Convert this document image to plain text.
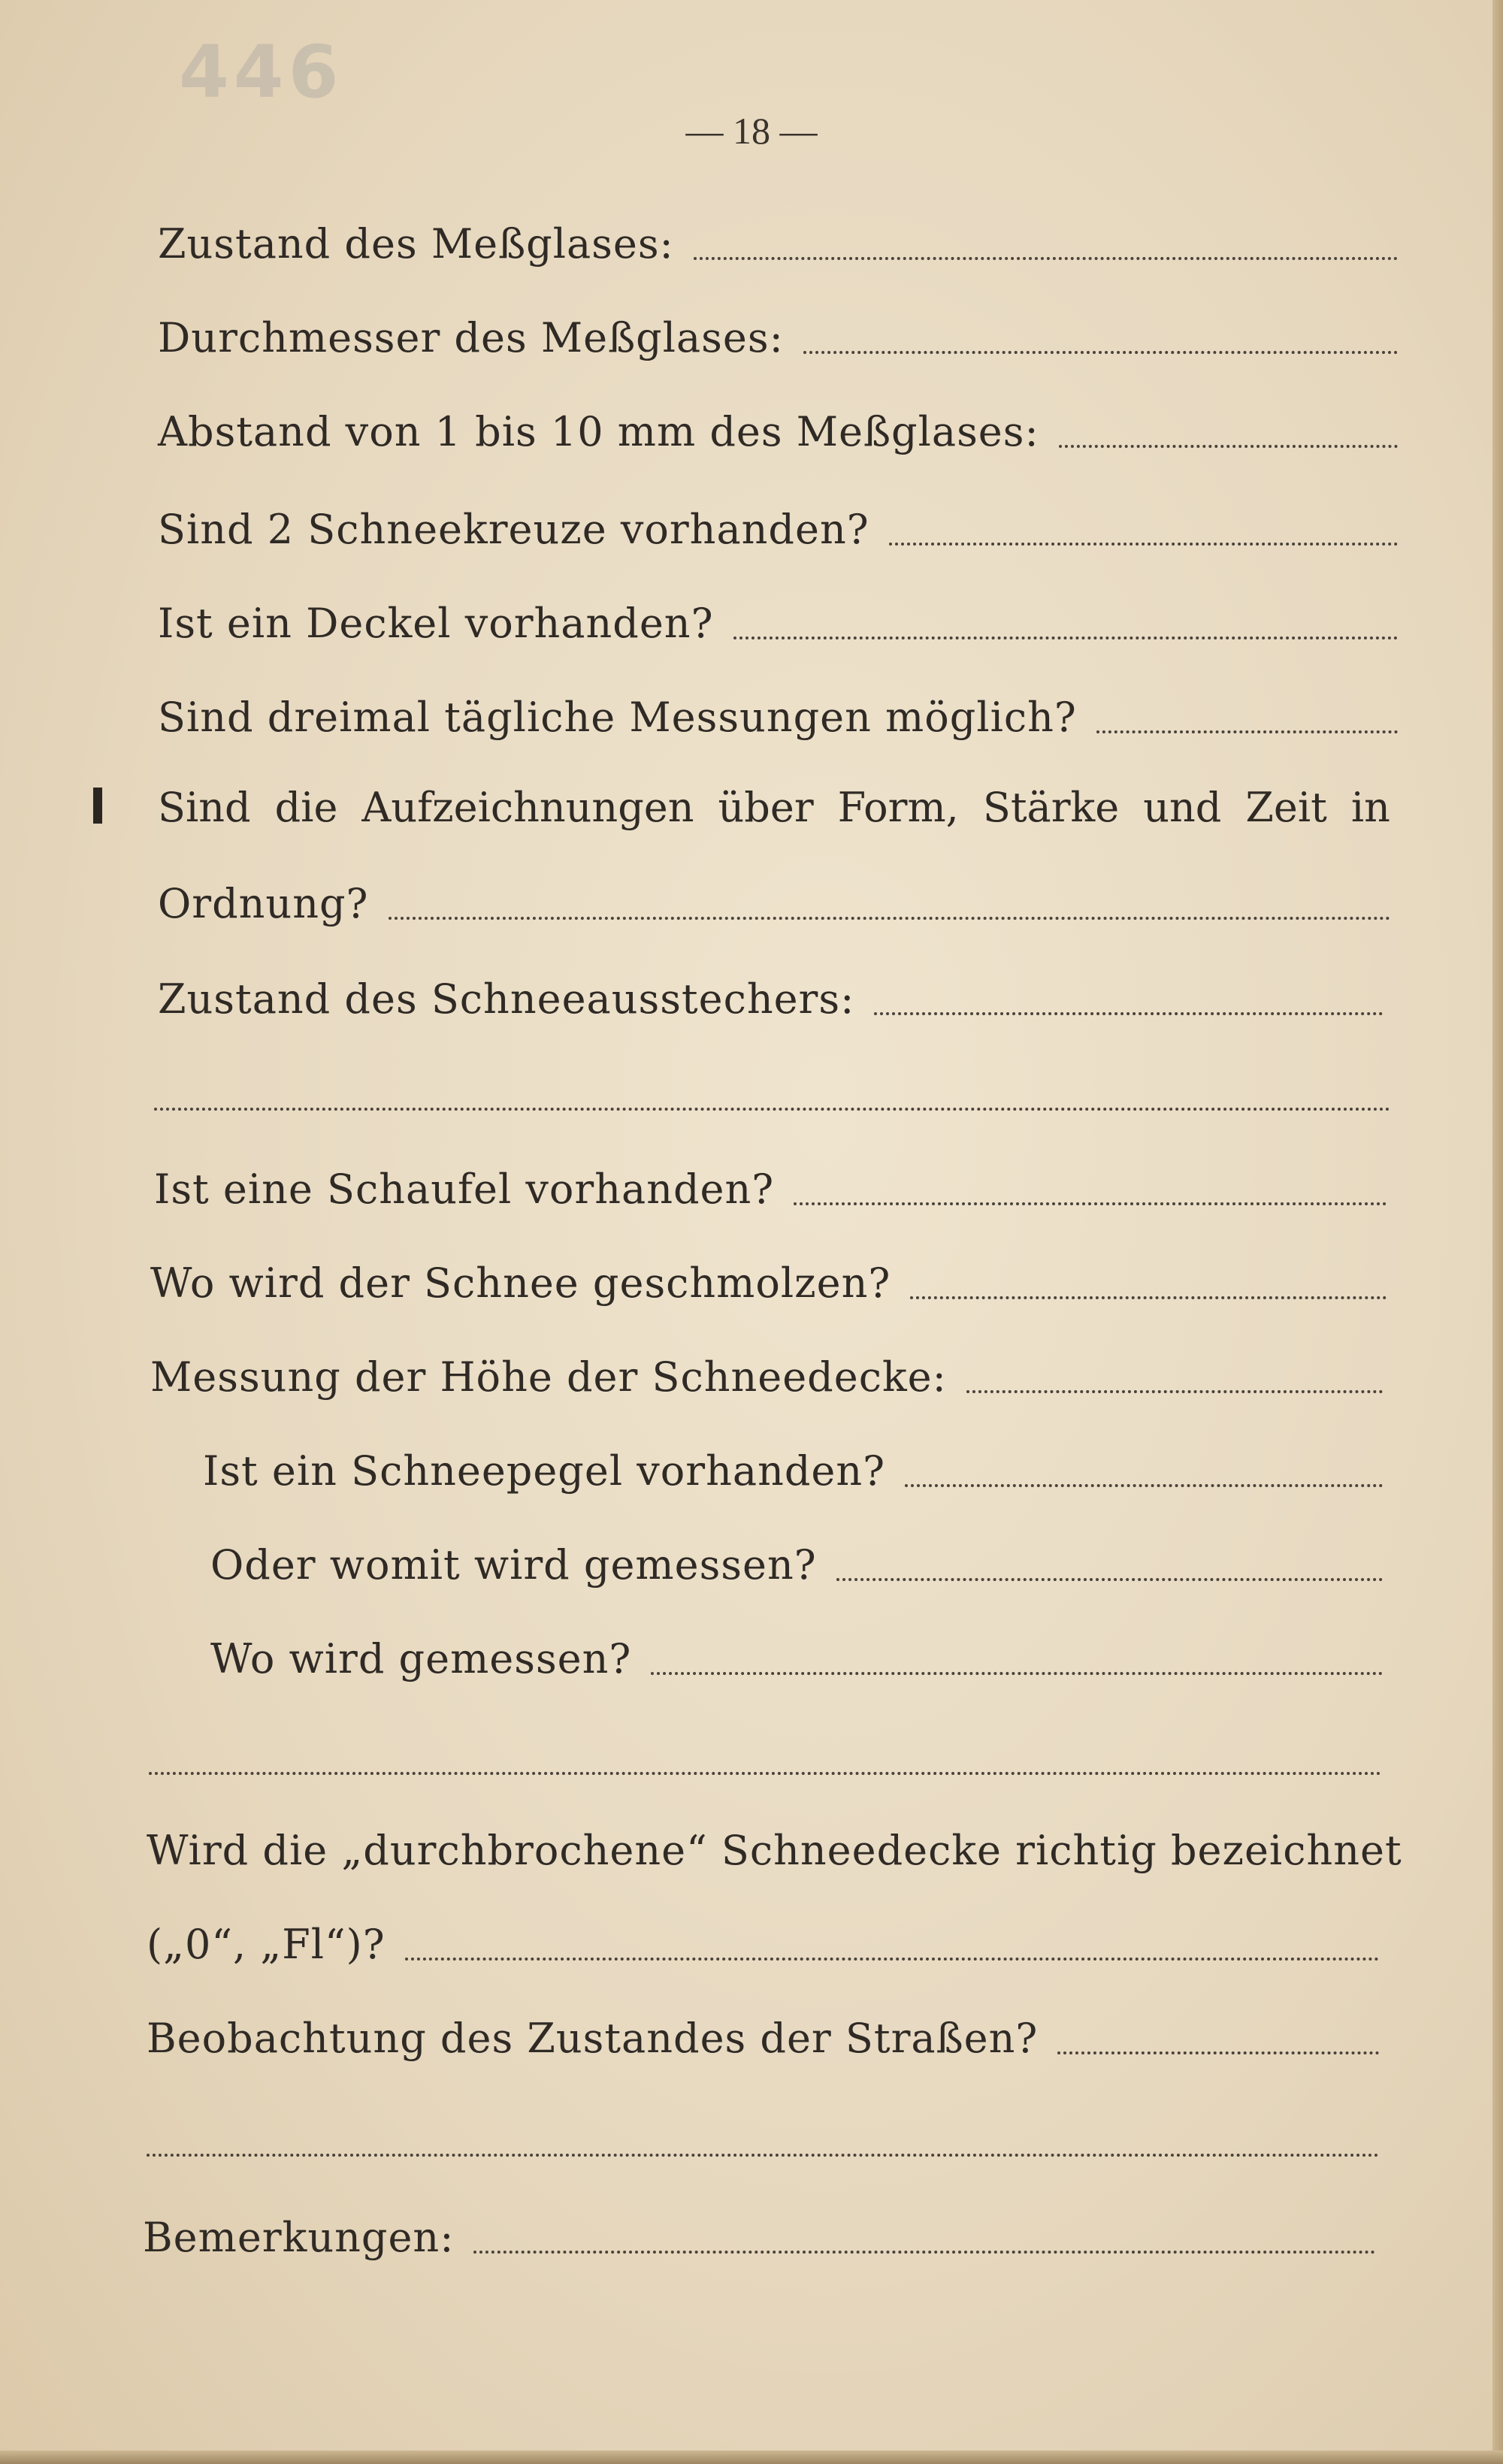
446
— 18 —
Zustand des Meßglases:
Durchmesser des Meßglases:
Abstand von 1 bis 10 mm des Meßglases:
Sind 2 Schneekreuze vorhanden?
Ist ein Deckel vorhanden?
Sind dreimal tägliche Messungen möglich?
Sind die Aufzeichnungen über Form, Stärke und Zeit in
Ordnung?
Zustand des Schneeausstechers:
Ist eine Schaufel vorhanden?
Wo wird der Schnee geschmolzen?
Messung der Höhe der Schneedecke:
Ist ein Schneepegel vorhanden?
Oder womit wird gemessen?
Wo wird gemessen?
Wird die „durchbrochene“ Schneedecke richtig bezeichnet
(„0“, „Fl“)?
Beobachtung des Zustandes der Straßen?
Bemerkungen:
